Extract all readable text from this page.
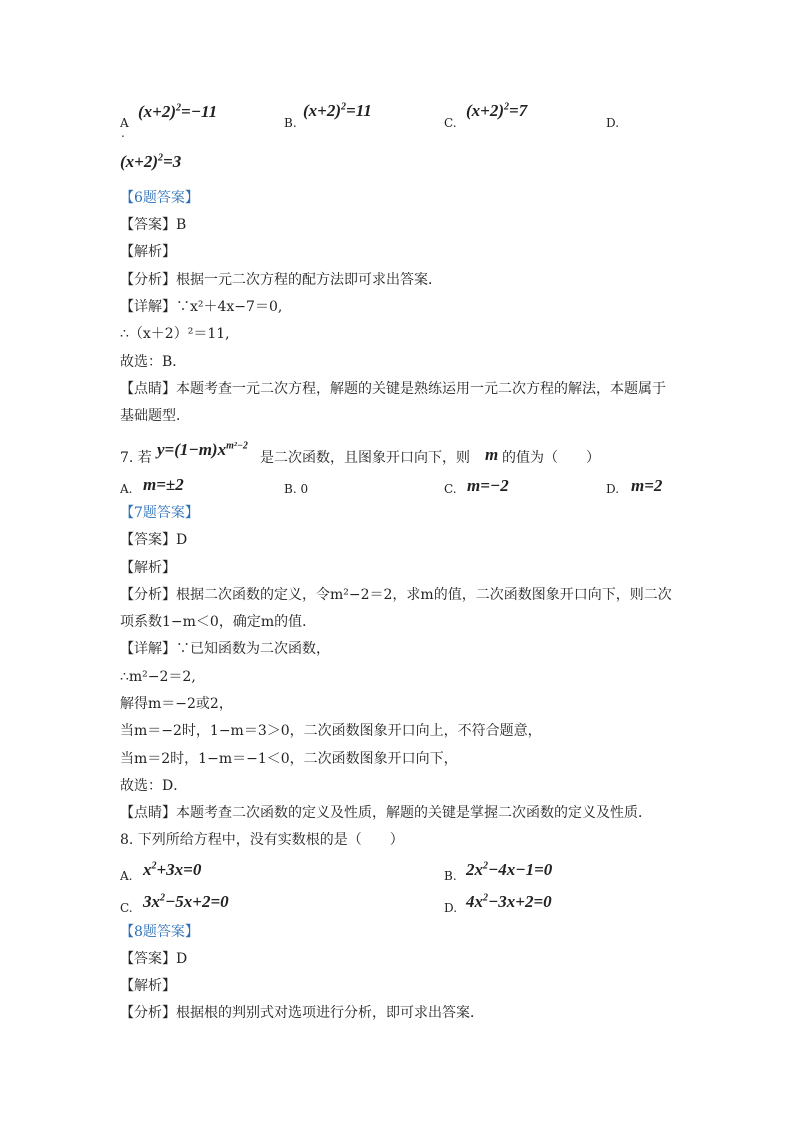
A
.
$(x+2)^2=-11$
B.
$(x+2)^2=11$
C.
$(x+2)^2=7$
D.
$(x+2)^2=3$
【6题答案】
【答案】B
【解析】
【分析】根据一元二次方程的配方法即可求出答案．
【详解】∵x²＋4x−7＝0,
∴（x＋2）²＝11,
故选：B．
【点睛】本题考查一元二次方程，解题的关键是熟练运用一元二次方程的解法，本题属于
基础题型．
7. 若 $y=(1-m)x^{m^2-2}$
是二次函数，且图象开口向下，则 m 的值为（　　）
A. m=±2	B. 0	C. m=−2	D. m=2
【7题答案】
【答案】D
【解析】
【分析】根据二次函数的定义，令m²−2＝2，求m的值，二次函数图象开口向下，则二次
项系数1−m＜0，确定m的值．
【详解】∵已知函数为二次函数，
∴m²−2＝2,
解得m＝−2或2，
当m＝−2时，1−m＝3＞0，二次函数图象开口向上，不符合题意，
当m＝2时，1−m＝−1＜0，二次函数图象开口向下，
故选：D．
【点睛】本题考查二次函数的定义及性质，解题的关键是掌握二次函数的定义及性质．
8. 下列所给方程中，没有实数根的是（　　）
A. $x^2+3x=0$	B. $2x^2-4x-1=0$
C. $3x^2-5x+2=0$	D. $4x^2-3x+2=0$
【8题答案】
【答案】D
【解析】
【分析】根据根的判别式对选项进行分析，即可求出答案．
